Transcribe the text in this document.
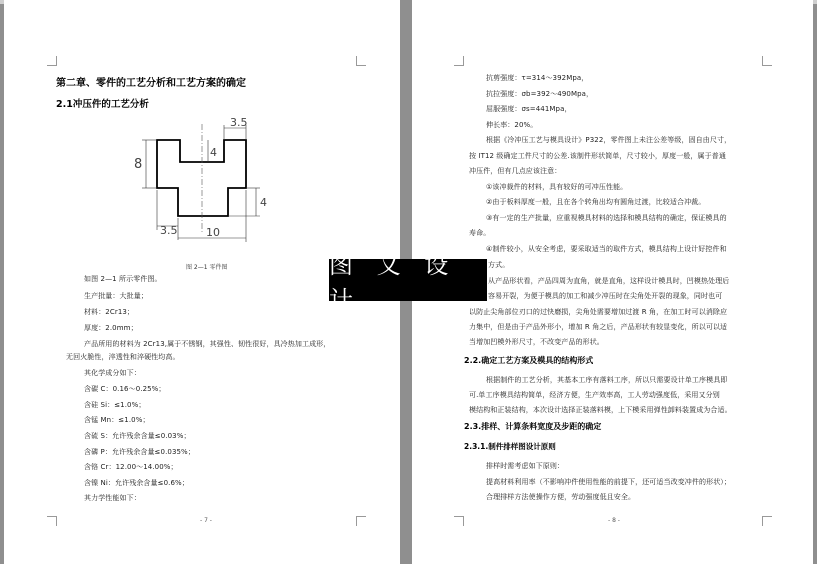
第二章、零件的工艺分析和工艺方案的确定
2.1冲压件的工艺分析
3.5
8
4
4
3.5	10
图 2—1 零件图
如图 2—1 所示零件图。
生产批量：大批量；
材料：2Cr13；
厚度：2.0mm；
产品所用的材料为 2Cr13,属于不锈钢，其强性、韧性很好，具冷热加工成形，
无回火脆性，淬透性和淬硬性均高。
其化学成分如下：
含碳 C：0.16～0.25%；
含硅 Si：≤1.0%；
含锰 Mn：≤1.0%；
含硫 S：允许残余含量≤0.03%；
含磷 P：允许残余含量≤0.035%；
含铬 Cr：12.00～14.00%；
含镍 Ni：允许残余含量≤0.6%；
其力学性能如下：
- 7 -
抗剪强度：τ=314～392Mpa，
抗拉强度：σb=392～490Mpa，
屈服强度：σs=441Mpa，
伸长率：20%。
根据《冷冲压工艺与模具设计》P322，零件图上未注公差等级，固自由尺寸，
按 IT12 级确定工件尺寸的公差.该制件形状简单，尺寸较小，厚度一般，属于普通
冲压件，但有几点应该注意：
①该冲裁件的材料，具有较好的可冲压性能。
②由于板料厚度一般，且在各个转角出均有圆角过渡，比较适合冲裁。
③有一定的生产批量，应重视模具材料的选择和模具结构的确定，保证模具的
寿命。
④制件较小，从安全考虑，要采取适当的取件方式，模具结构上设计好控件和
方式。
从产品形状看，产品四周为直角，就是直角，这样设计模具时，凹模热处理后
容易开裂，为便于模具的加工和减少冲压时在尖角处开裂的现象，同时也可
以防止尖角部位刃口的过快磨损，尖角处需要增加过渡 R 角，在加工时可以消除应
力集中，但是由于产品外形小，增加 R 角之后，产品形状有较显变化，所以可以适
当增加凹模外形尺寸，不改变产品的形状。
2.2.确定工艺方案及模具的结构形式
根据制件的工艺分析，其基本工序有落料工序，所以只需要设计单工序模具即
可.单工序模具结构简单，经济方便，生产效率高，工人劳动强度低，采用又分别
模结构和正装结构，本次设计选择正装落料模，上下模采用弹性卸料装置成为合适。
2.3.排样、计算条料宽度及步距的确定
2.3.1.制件排样图设计原则
排样时需考虑如下原则：
提高材料利用率（不影响冲件使用性能的前提下，还可适当改变冲件的形状）；
合理排样方法使操作方便，劳动强度低且安全。
- 8 -
图 文 设 计
